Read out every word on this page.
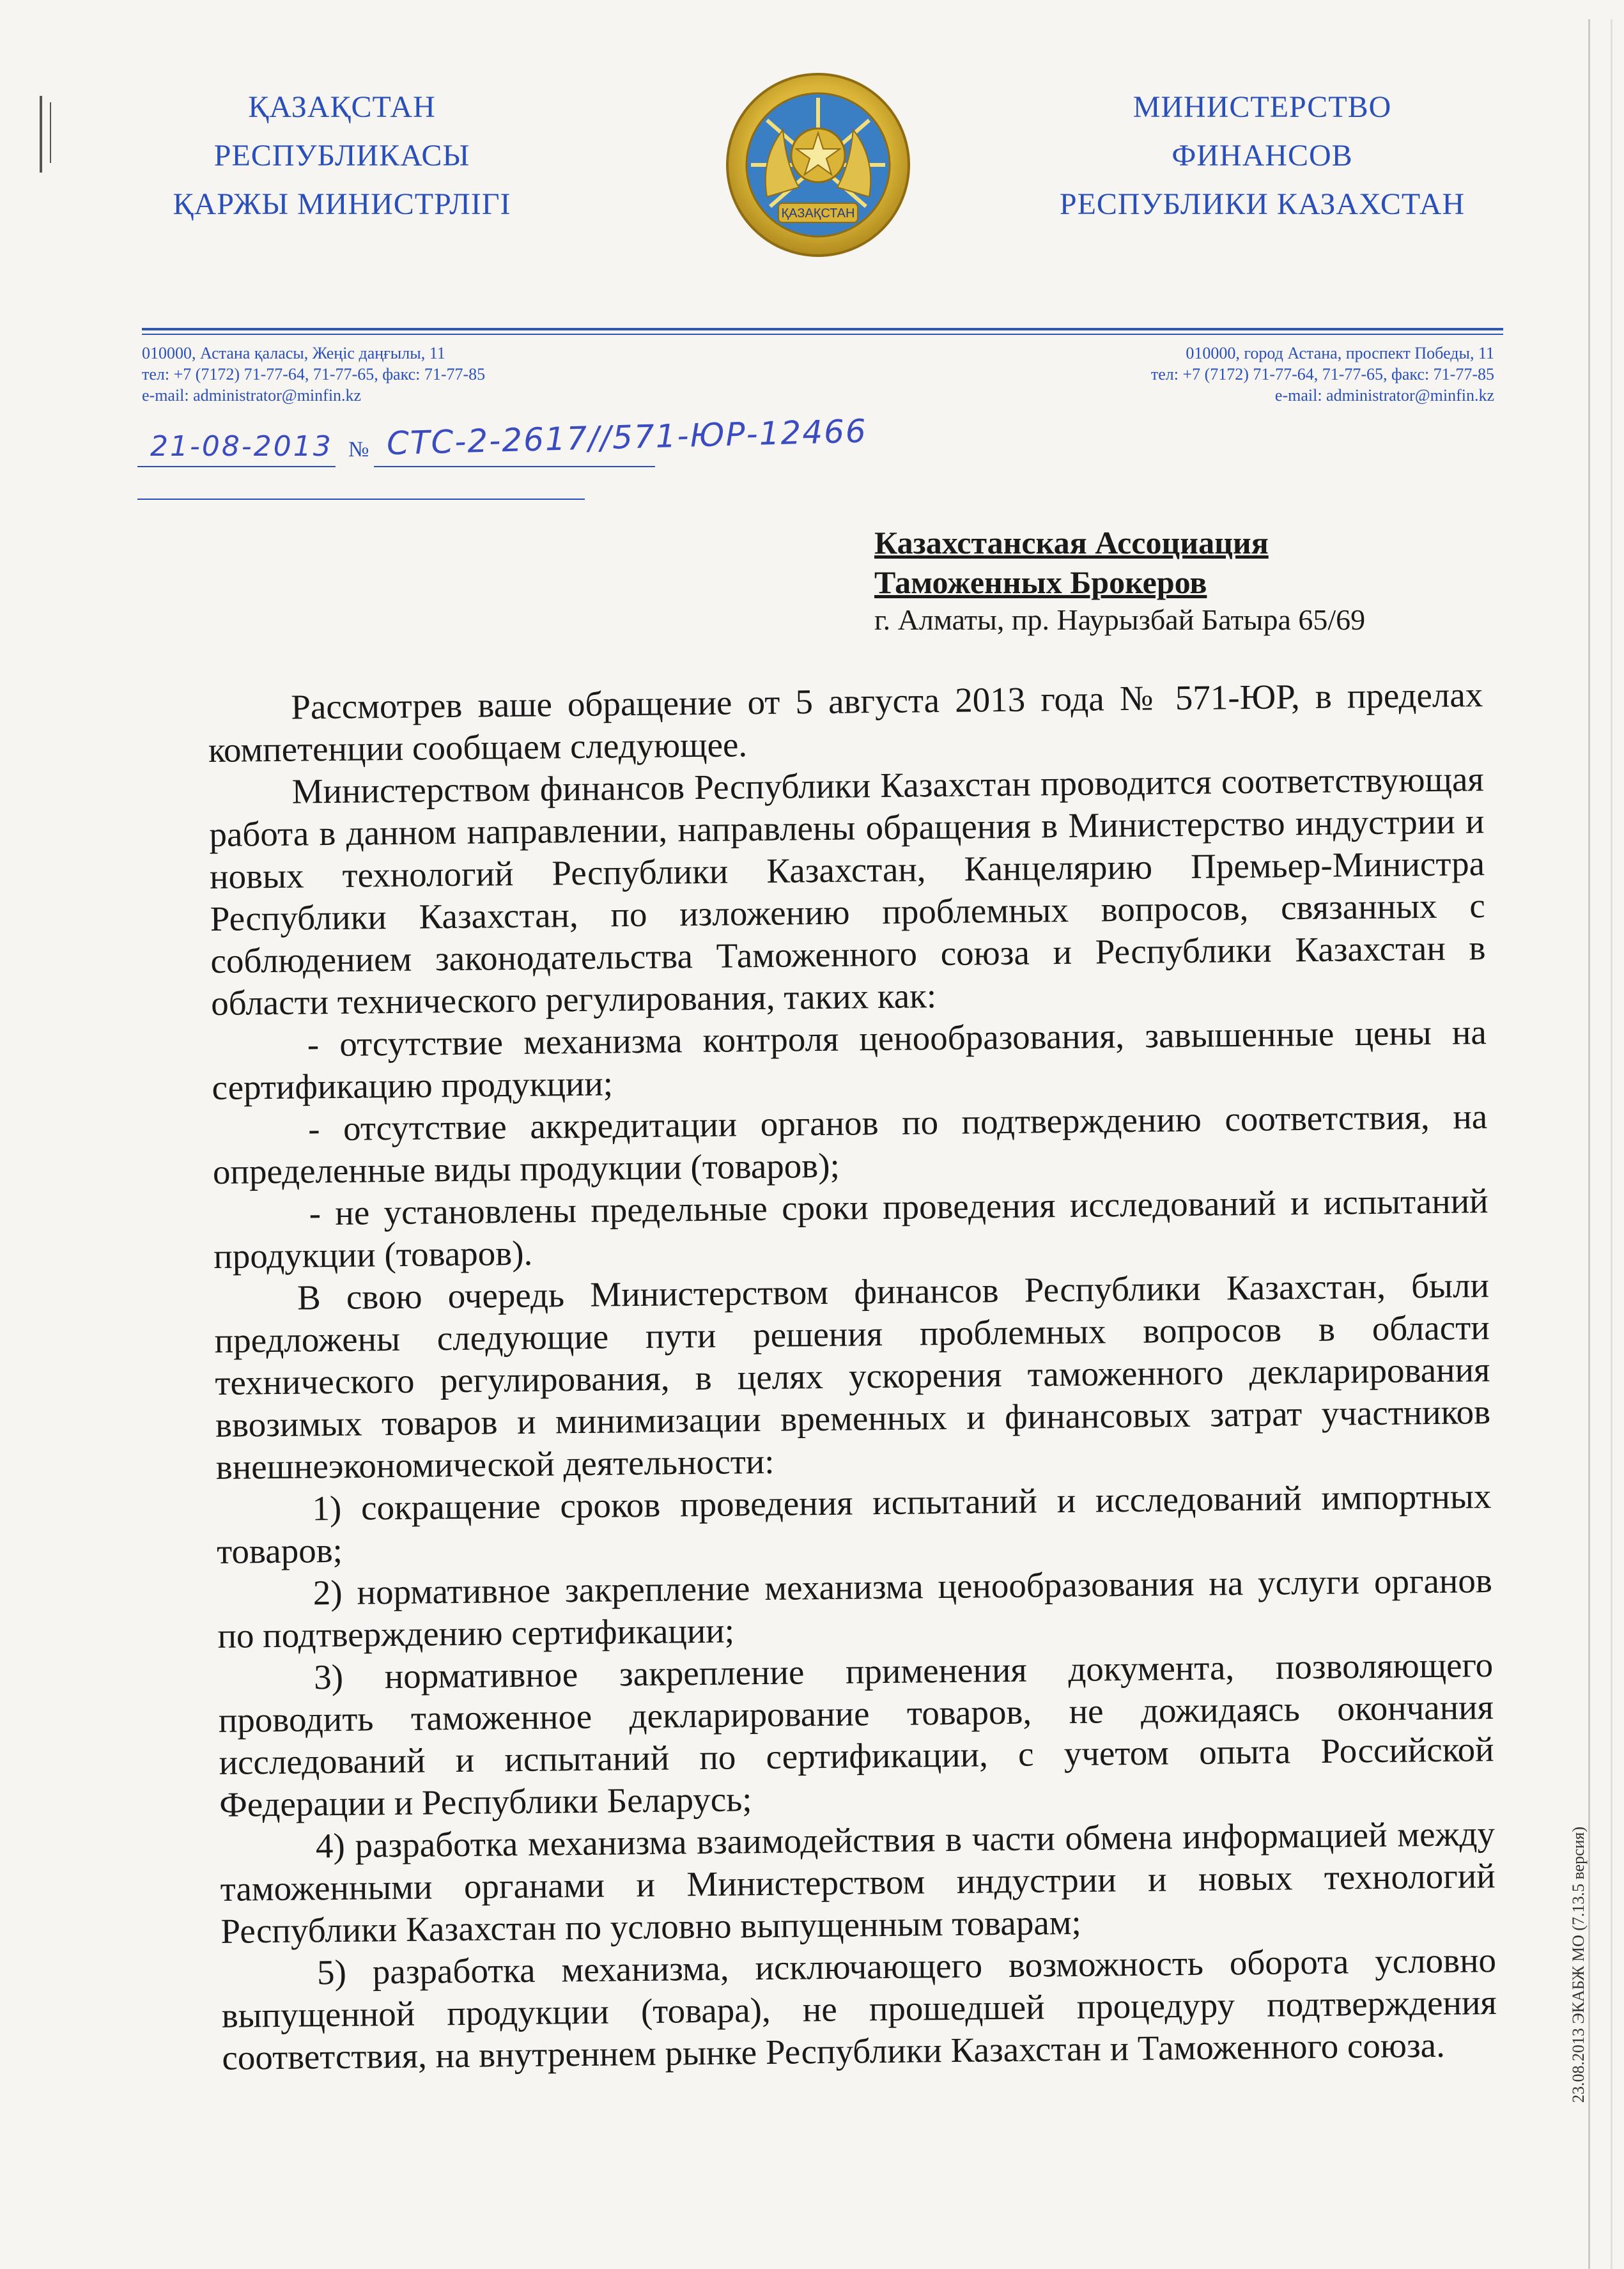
ҚАЗАҚСТАН
РЕСПУБЛИКАСЫ
ҚАРЖЫ МИНИСТРЛІГІ	ҚАЗАҚСТАН
МИНИСТЕРСТВО
ФИНАНСОВ
РЕСПУБЛИКИ КАЗАХСТАН
010000, Астана қаласы, Жеңіс даңғылы, 11
тел: +7 (7172) 71-77-64, 71-77-65, факс: 71-77-85
e-mail: administrator@minfin.kz
010000, город Астана, проспект Победы, 11
тел: +7 (7172) 71-77-64, 71-77-65, факс: 71-77-85
e-mail: administrator@minfin.kz
21-08-2013 № СТС-2-2617//571-ЮР-12466
Казахстанская Ассоциация
Таможенных Брокеров
г. Алматы, пр. Наурызбай Батыра 65/69

Рассмотрев ваше обращение от 5 августа 2013 года № 571-ЮР, в пределах компетенции сообщаем следующее.

Министерством финансов Республики Казахстан проводится соответствующая работа в данном направлении, направлены обращения в Министерство индустрии и новых технологий Республики Казахстан, Канцелярию Премьер-Министра Республики Казахстан, по изложению проблемных вопросов, связанных с соблюдением законодательства Таможенного союза и Республики Казахстан в области технического регулирования, таких как:

- отсутствие механизма контроля ценообразования, завышенные цены на сертификацию продукции;

- отсутствие аккредитации органов по подтверждению соответствия, на определенные виды продукции (товаров);

- не установлены предельные сроки проведения исследований и испытаний продукции (товаров).

В свою очередь Министерством финансов Республики Казахстан, были предложены следующие пути решения проблемных вопросов в области технического регулирования, в целях ускорения таможенного декларирования ввозимых товаров и минимизации временных и финансовых затрат участников внешнеэкономической деятельности:

1) сокращение сроков проведения испытаний и исследований импортных товаров;

2) нормативное закрепление механизма ценообразования на услуги органов по подтверждению сертификации;

3) нормативное закрепление применения документа, позволяющего проводить таможенное декларирование товаров, не дожидаясь окончания исследований и испытаний по сертификации, с учетом опыта Российской Федерации и Республики Беларусь;

4) разработка механизма взаимодействия в части обмена информацией между таможенными органами и Министерством индустрии и новых технологий Республики Казахстан по условно выпущенным товарам;

5) разработка механизма, исключающего возможность оборота условно выпущенной продукции (товара), не прошедшей процедуру подтверждения соответствия, на внутреннем рынке Республики Казахстан и Таможенного союза.	23.08.2013 ЭКАБЖ МО (7.13.5 версия)
